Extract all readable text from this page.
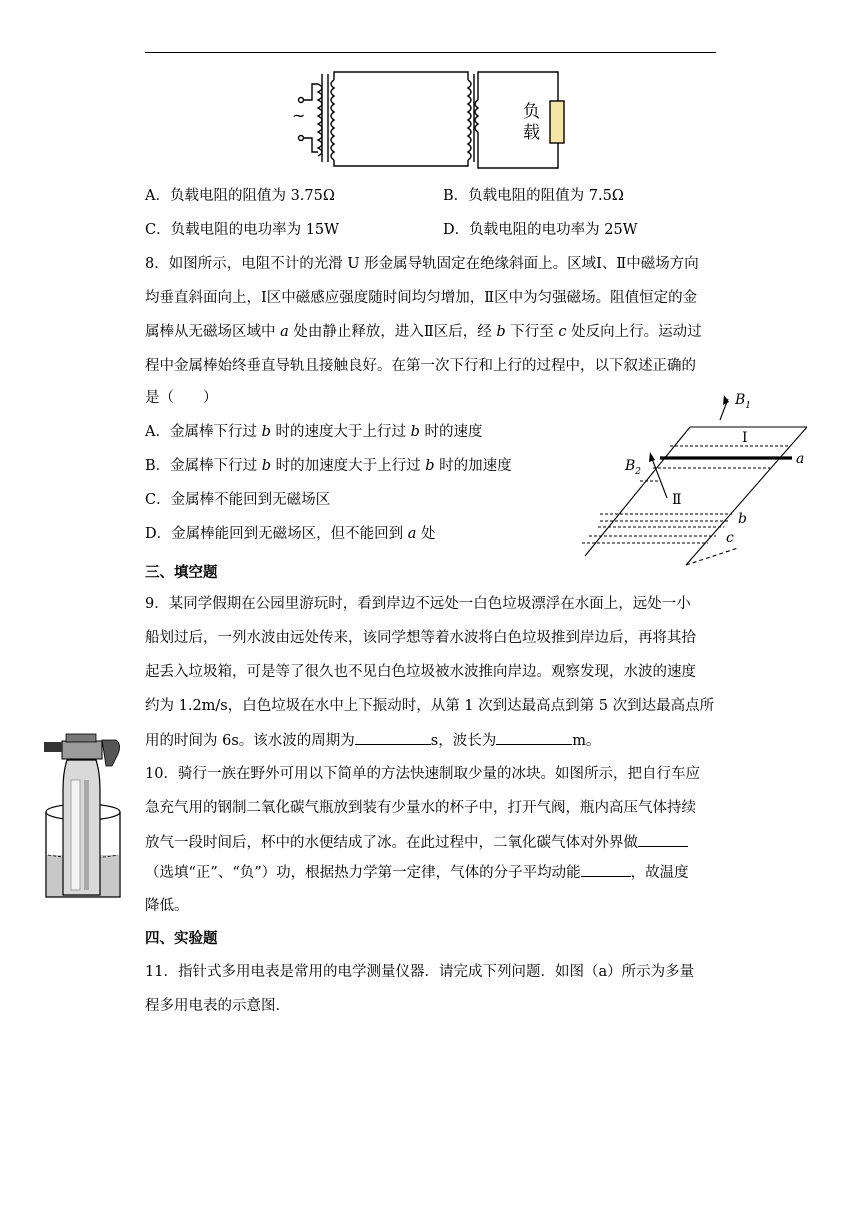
~	负载
A．负载电阻的阻值为 3.75Ω	B．负载电阻的阻值为 7.5Ω
C．负载电阻的电功率为 15W	D．负载电阻的电功率为 25W
8．如图所示，电阻不计的光滑 U 形金属导轨固定在绝缘斜面上。区域Ⅰ、Ⅱ中磁场方向
均垂直斜面向上，Ⅰ区中磁感应强度随时间均匀增加，Ⅱ区中为匀强磁场。阻值恒定的金
属棒从无磁场区域中 a 处由静止释放，进入Ⅱ区后，经 b 下行至 c 处反向上行。运动过
程中金属棒始终垂直导轨且接触良好。在第一次下行和上行的过程中，以下叙述正确的
是（　　）
A．金属棒下行过 b 时的速度大于上行过 b 时的速度
B．金属棒下行过 b 时的加速度大于上行过 b 时的加速度
C．金属棒不能回到无磁场区
D．金属棒能回到无磁场区，但不能回到 a 处
$B_1$
$B_2$
Ⅰ
Ⅱ
a
b
c
三、填空题
9．某同学假期在公园里游玩时，看到岸边不远处一白色垃圾漂浮在水面上，远处一小
船划过后，一列水波由远处传来，该同学想等着水波将白色垃圾推到岸边后，再将其拾
起丢入垃圾箱，可是等了很久也不见白色垃圾被水波推向岸边。观察发现，水波的速度
约为 1.2m/s，白色垃圾在水中上下振动时，从第 1 次到达最高点到第 5 次到达最高点所
用的时间为 6s。该水波的周期为	s，波长为	m。
10．骑行一族在野外可用以下简单的方法快速制取少量的冰块。如图所示，把自行车应
急充气用的钢制二氧化碳气瓶放到装有少量水的杯子中，打开气阀，瓶内高压气体持续
放气一段时间后，杯中的水便结成了冰。在此过程中，二氧化碳气体对外界做
（选填“正”、“负”）功，根据热力学第一定律，气体的分子平均动能	，故温度
降低。
四、实验题
11．指针式多用电表是常用的电学测量仪器．请完成下列问题．如图（a）所示为多量
程多用电表的示意图．
